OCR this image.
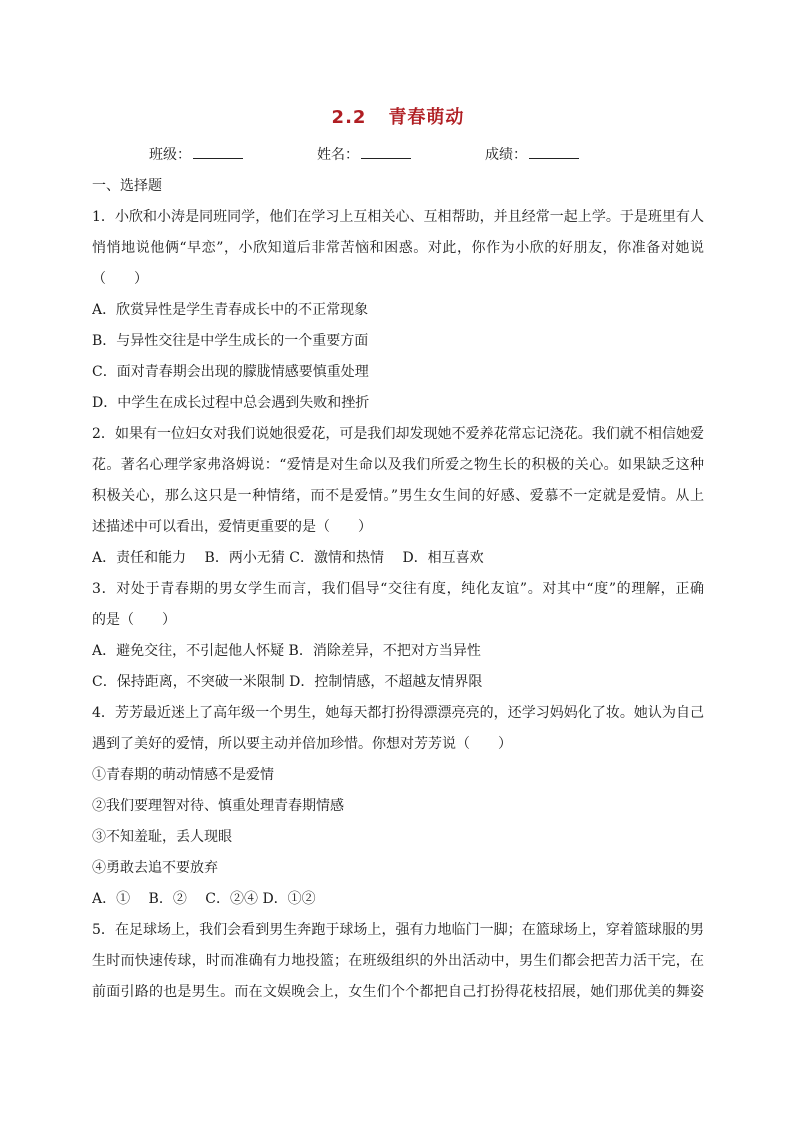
2.2 青春萌动
班级：	姓名：	成绩：
一、选择题
1．小欣和小涛是同班同学，他们在学习上互相关心、互相帮助，并且经常一起上学。于是班里有人
悄悄地说他俩“早恋”，小欣知道后非常苦恼和困惑。对此，你作为小欣的好朋友，你准备对她说
（　　）
A．欣赏异性是学生青春成长中的不正常现象
B．与异性交往是中学生成长的一个重要方面
C．面对青春期会出现的朦胧情感要慎重处理
D．中学生在成长过程中总会遇到失败和挫折
2．如果有一位妇女对我们说她很爱花，可是我们却发现她不爱养花常忘记浇花。我们就不相信她爱
花。著名心理学家弗洛姆说：“爱情是对生命以及我们所爱之物生长的积极的关心。如果缺乏这种
积极关心，那么这只是一种情绪，而不是爱情。”男生女生间的好感、爱慕不一定就是爱情。从上
述描述中可以看出，爱情更重要的是（　　）
A．责任和能力　 B．两小无猜 C．激情和热情　 D．相互喜欢
3．对处于青春期的男女学生而言，我们倡导“交往有度，纯化友谊”。对其中“度”的理解，正确
的是（　　）
A．避免交往，不引起他人怀疑 B．消除差异，不把对方当异性
C．保持距离，不突破一米限制 D．控制情感，不超越友情界限
4．芳芳最近迷上了高年级一个男生，她每天都打扮得漂漂亮亮的，还学习妈妈化了妆。她认为自己
遇到了美好的爱情，所以要主动并倍加珍惜。你想对芳芳说（　　）
①青春期的萌动情感不是爱情
②我们要理智对待、慎重处理青春期情感
③不知羞耻，丢人现眼
④勇敢去追不要放弃
A．①　 B．②　 C．②④ D．①②
5．在足球场上，我们会看到男生奔跑于球场上，强有力地临门一脚；在篮球场上，穿着篮球服的男
生时而快速传球，时而准确有力地投篮；在班级组织的外出活动中，男生们都会把苦力活干完，在
前面引路的也是男生。而在文娱晚会上，女生们个个都把自己打扮得花枝招展，她们那优美的舞姿
